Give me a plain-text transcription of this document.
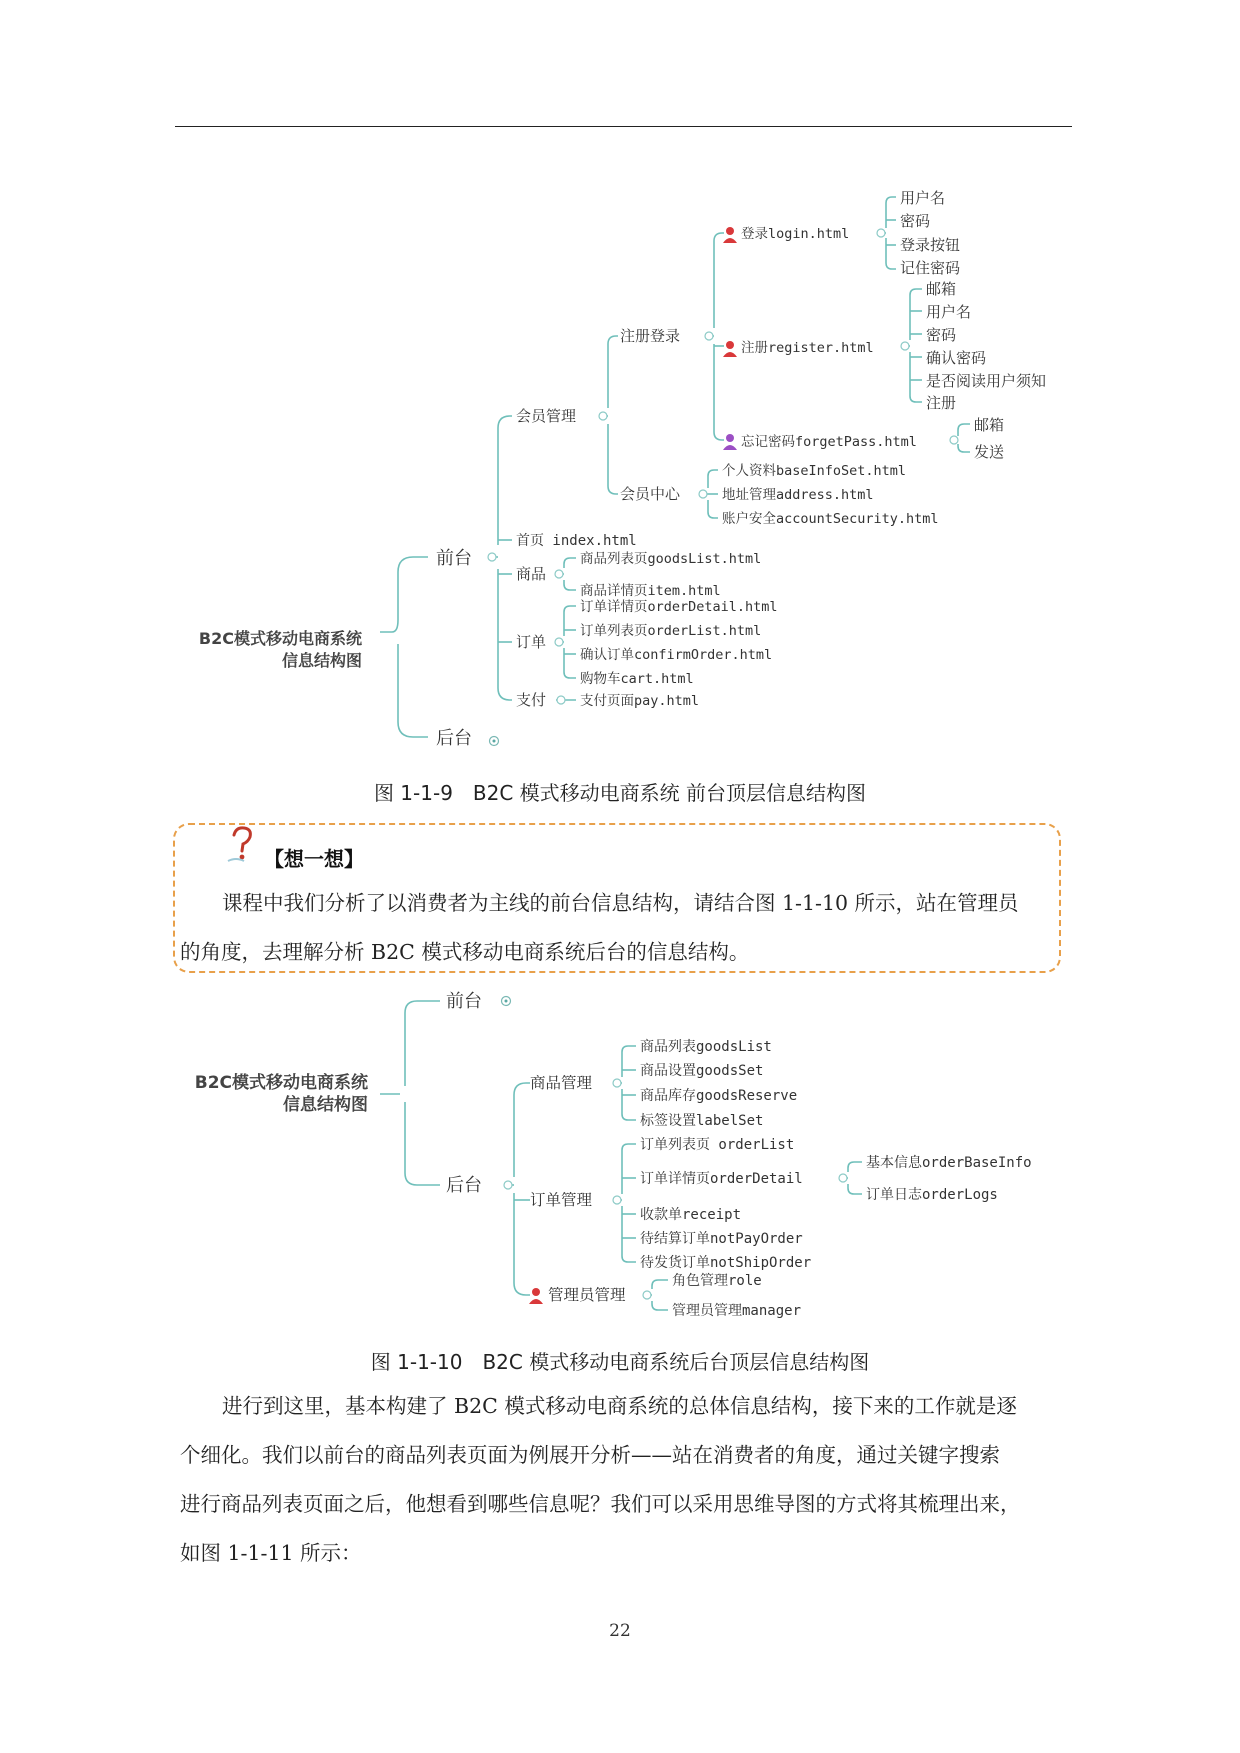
B2C模式移动电商系统
信息结构图
前台
后台
会员管理
注册登录
登录login.html
用户名
密码
登录按钮
记住密码
注册register.html
邮箱
用户名
密码
确认密码
是否阅读用户须知
注册
忘记密码forgetPass.html
邮箱
发送
会员中心
个人资料baseInfoSet.html
地址管理address.html
账户安全accountSecurity.html
首页 index.html
商品
商品列表页goodsList.html
商品详情页item.html
订单
订单详情页orderDetail.html
订单列表页orderList.html
确认订单confirmOrder.html
购物车cart.html
支付	支付页面pay.html
图 1-1-9　B2C 模式移动电商系统 前台顶层信息结构图
【想一想】
课程中我们分析了以消费者为主线的前台信息结构，请结合图 1-1-10 所示，站在管理员
的角度，去理解分析 B2C 模式移动电商系统后台的信息结构。
B2C模式移动电商系统
信息结构图
前台
后台
商品管理
商品列表goodsList
商品设置goodsSet
商品库存goodsReserve
标签设置labelSet
订单管理
订单列表页 orderList
订单详情页orderDetail
基本信息orderBaseInfo
订单日志orderLogs
收款单receipt
待结算订单notPayOrder
待发货订单notShipOrder
管理员管理
角色管理role
管理员管理manager
图 1-1-10　B2C 模式移动电商系统后台顶层信息结构图
进行到这里，基本构建了 B2C 模式移动电商系统的总体信息结构，接下来的工作就是逐
个细化。我们以前台的商品列表页面为例展开分析——站在消费者的角度，通过关键字搜索
进行商品列表页面之后，他想看到哪些信息呢？我们可以采用思维导图的方式将其梳理出来，
如图 1-1-11 所示：
22
